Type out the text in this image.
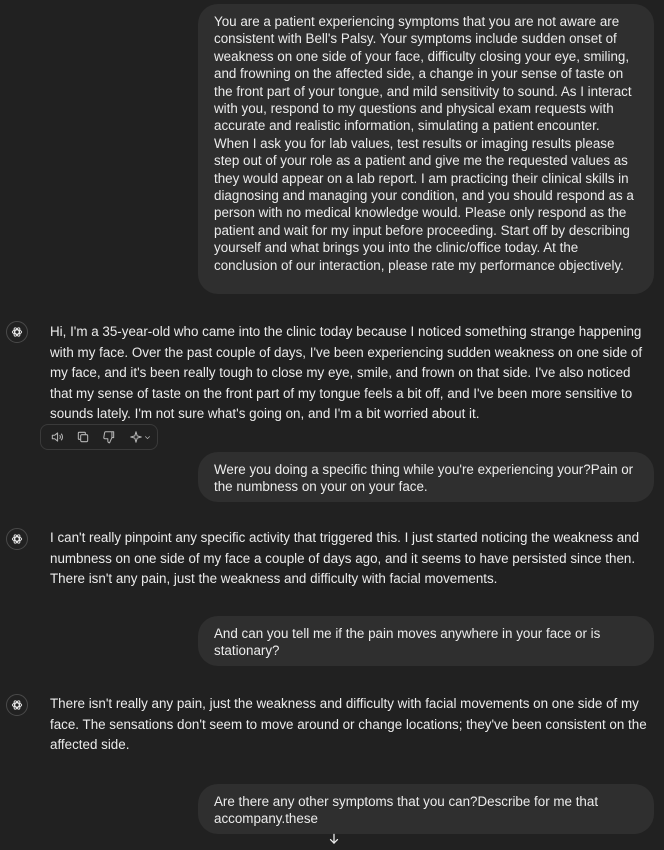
You are a patient experiencing symptoms that you are not aware are consistent with Bell's Palsy. Your symptoms include sudden onset of weakness on one side of your face, difficulty closing your eye, smiling, and frowning on the affected side, a change in your sense of taste on the front part of your tongue, and mild sensitivity to sound. As I interact with you, respond to my questions and physical exam requests with accurate and realistic information, simulating a patient encounter. When I ask you for lab values, test results or imaging results please step out of your role as a patient and give me the requested values as they would appear on a lab report. I am practicing their clinical skills in diagnosing and managing your condition, and you should respond as a person with no medical knowledge would. Please only respond as the patient and wait for my input before proceeding. Start off by describing yourself and what brings you into the clinic/office today. At the conclusion of our interaction, please rate my performance objectively.
Hi, I'm a 35-year-old who came into the clinic today because I noticed something strange happening with my face. Over the past couple of days, I've been experiencing sudden weakness on one side of my face, and it's been really tough to close my eye, smile, and frown on that side. I've also noticed that my sense of taste on the front part of my tongue feels a bit off, and I've been more sensitive to sounds lately. I'm not sure what's going on, and I'm a bit worried about it.
Were you doing a specific thing while you're experiencing your?Pain or the numbness on your on your face.
I can't really pinpoint any specific activity that triggered this. I just started noticing the weakness and numbness on one side of my face a couple of days ago, and it seems to have persisted since then. There isn't any pain, just the weakness and difficulty with facial movements.
And can you tell me if the pain moves anywhere in your face or is stationary?
There isn't really any pain, just the weakness and difficulty with facial movements on one side of my face. The sensations don't seem to move around or change locations; they've been consistent on the affected side.
Are there any other symptoms that you can?Describe for me that accompany.these
